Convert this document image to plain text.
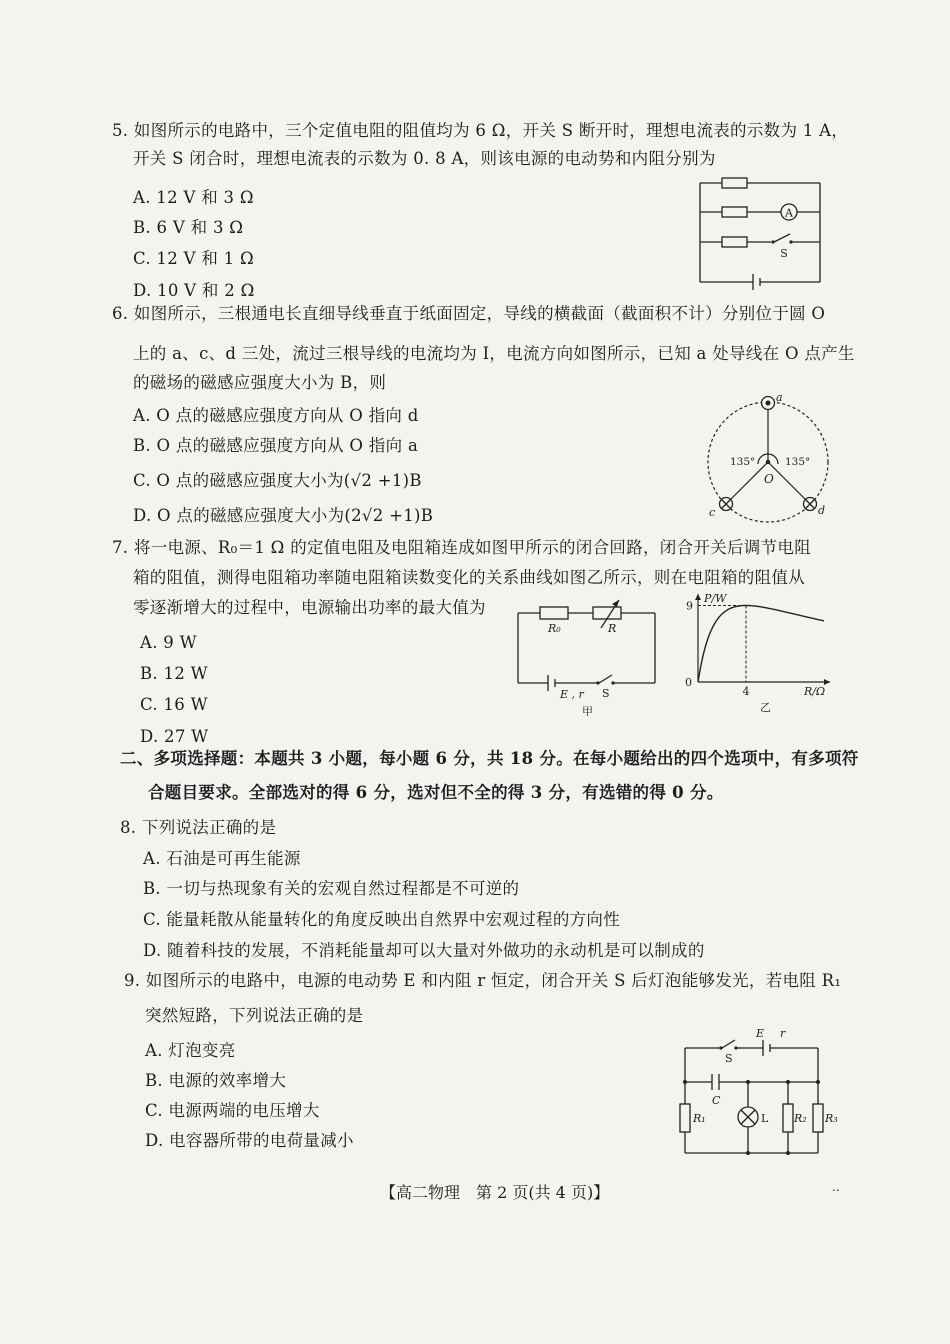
5. 如图所示的电路中，三个定值电阻的阻值均为 6 Ω，开关 S 断开时，理想电流表的示数为 1 A，
开关 S 闭合时，理想电流表的示数为 0. 8 A，则该电源的电动势和内阻分别为
A. 12 V 和 3 Ω
B. 6 V 和 3 Ω
C. 12 V 和 1 Ω
D. 10 V 和 2 Ω
A
S
6. 如图所示，三根通电长直细导线垂直于纸面固定，导线的横截面（截面积不计）分别位于圆 O
上的 a、c、d 三处，流过三根导线的电流均为 I，电流方向如图所示，已知 a 处导线在 O 点产生
的磁场的磁感应强度大小为 B，则
A. O 点的磁感应强度方向从 O 指向 d
B. O 点的磁感应强度方向从 O 指向 a
C. O 点的磁感应强度大小为(√2 +1)B
D. O 点的磁感应强度大小为(2√2 +1)B
a
c	d
O
135°	135°
7. 将一电源、R₀＝1 Ω 的定值电阻及电阻箱连成如图甲所示的闭合回路，闭合开关后调节电阻
箱的阻值，测得电阻箱功率随电阻箱读数变化的关系曲线如图乙所示，则在电阻箱的阻值从
零逐渐增大的过程中，电源输出功率的最大值为
A. 9 W
B. 12 W
C. 16 W
D. 27 W
R₀	R
E , r S
甲
9
4
0
P/W
R/Ω
乙
二、多项选择题：本题共 3 小题，每小题 6 分，共 18 分。在每小题给出的四个选项中，有多项符
合题目要求。全部选对的得 6 分，选对但不全的得 3 分，有选错的得 0 分。
8. 下列说法正确的是
A. 石油是可再生能源
B. 一切与热现象有关的宏观自然过程都是不可逆的
C. 能量耗散从能量转化的角度反映出自然界中宏观过程的方向性
D. 随着科技的发展，不消耗能量却可以大量对外做功的永动机是可以制成的
9. 如图所示的电路中，电源的电动势 E 和内阻 r 恒定，闭合开关 S 后灯泡能够发光，若电阻 R₁
突然短路，下列说法正确的是
A. 灯泡变亮
B. 电源的效率增大
C. 电源两端的电压增大
D. 电容器所带的电荷量减小
S
E r
C
R₁	L R₂ R₃
【高二物理　第 2 页(共 4 页)】	..
